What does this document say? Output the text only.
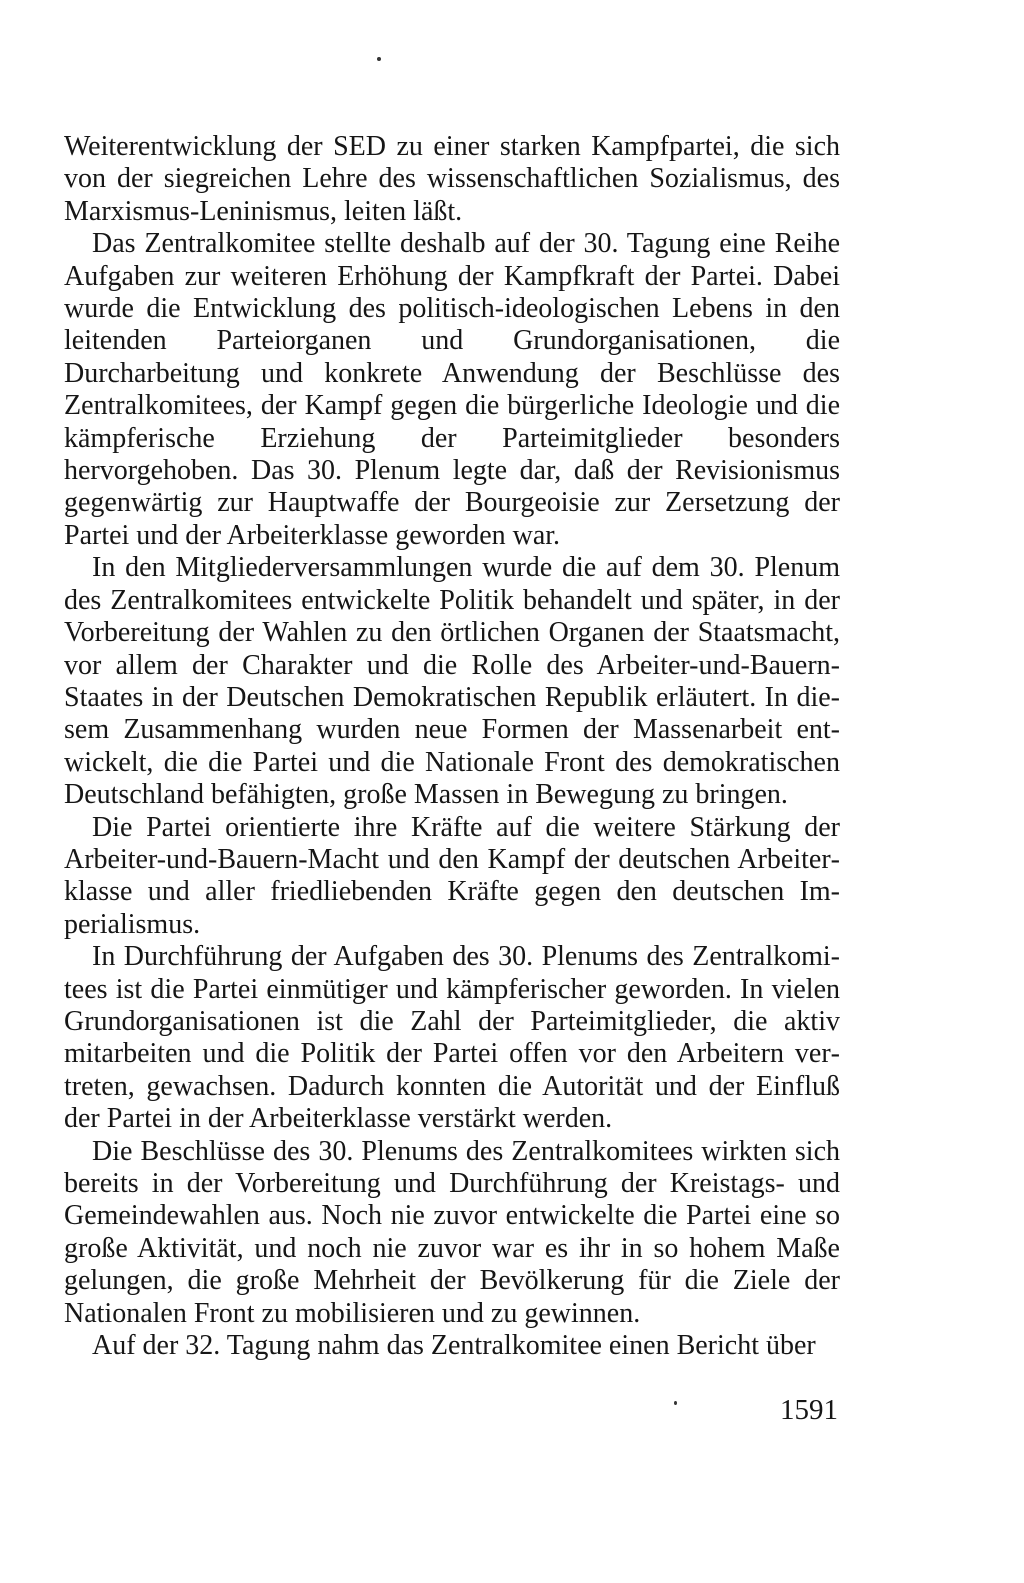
Weiterentwicklung der SED zu einer starken Kampfpartei, die sich von der siegreichen Lehre des wissenschaftlichen Sozialismus, des Marxismus-Leninismus, leiten läßt.

Das Zentralkomitee stellte deshalb auf der 30. Tagung eine Reihe Aufgaben zur weiteren Erhöhung der Kampfkraft der Partei. Dabei wurde die Entwicklung des politisch-ideologischen Lebens in den leitenden Parteiorganen und Grundorganisationen, die Durcharbeitung und konkrete Anwendung der Beschlüsse des Zentralkomitees, der Kampf gegen die bürgerliche Ideologie und die kämpferische Erziehung der Parteimitglieder besonders hervorgehoben. Das 30. Plenum legte dar, daß der Revisionismus gegenwärtig zur Hauptwaffe der Bourgeoisie zur Zersetzung der Partei und der Arbeiterklasse geworden war.

In den Mitgliederversammlungen wurde die auf dem 30. Plenum des Zentralkomitees entwickelte Politik behandelt und später, in der Vorbereitung der Wahlen zu den örtlichen Organen der Staatsmacht, vor allem der Charakter und die Rolle des Arbeiter-und-Bauern-Staates in der Deutschen Demokratischen Republik erläutert. In diesem Zusammenhang wurden neue Formen der Massenarbeit entwickelt, die die Partei und die Nationale Front des demokratischen Deutschland befähigten, große Massen in Bewegung zu bringen.

Die Partei orientierte ihre Kräfte auf die weitere Stärkung der Arbeiter-und-Bauern-Macht und den Kampf der deutschen Arbeiterklasse und aller friedliebenden Kräfte gegen den deutschen Imperialismus.

In Durchführung der Aufgaben des 30. Plenums des Zentralkomitees ist die Partei einmütiger und kämpferischer geworden. In vielen Grundorganisationen ist die Zahl der Parteimitglieder, die aktiv mitarbeiten und die Politik der Partei offen vor den Arbeitern vertreten, gewachsen. Dadurch konnten die Autorität und der Einfluß der Partei in der Arbeiterklasse verstärkt werden.

Die Beschlüsse des 30. Plenums des Zentralkomitees wirkten sich bereits in der Vorbereitung und Durchführung der Kreistags- und Gemeindewahlen aus. Noch nie zuvor entwickelte die Partei eine so große Aktivität, und noch nie zuvor war es ihr in so hohem Maße gelungen, die große Mehrheit der Bevölkerung für die Ziele der Nationalen Front zu mobilisieren und zu gewinnen.

Auf der 32. Tagung nahm das Zentralkomitee einen Bericht über

1591
